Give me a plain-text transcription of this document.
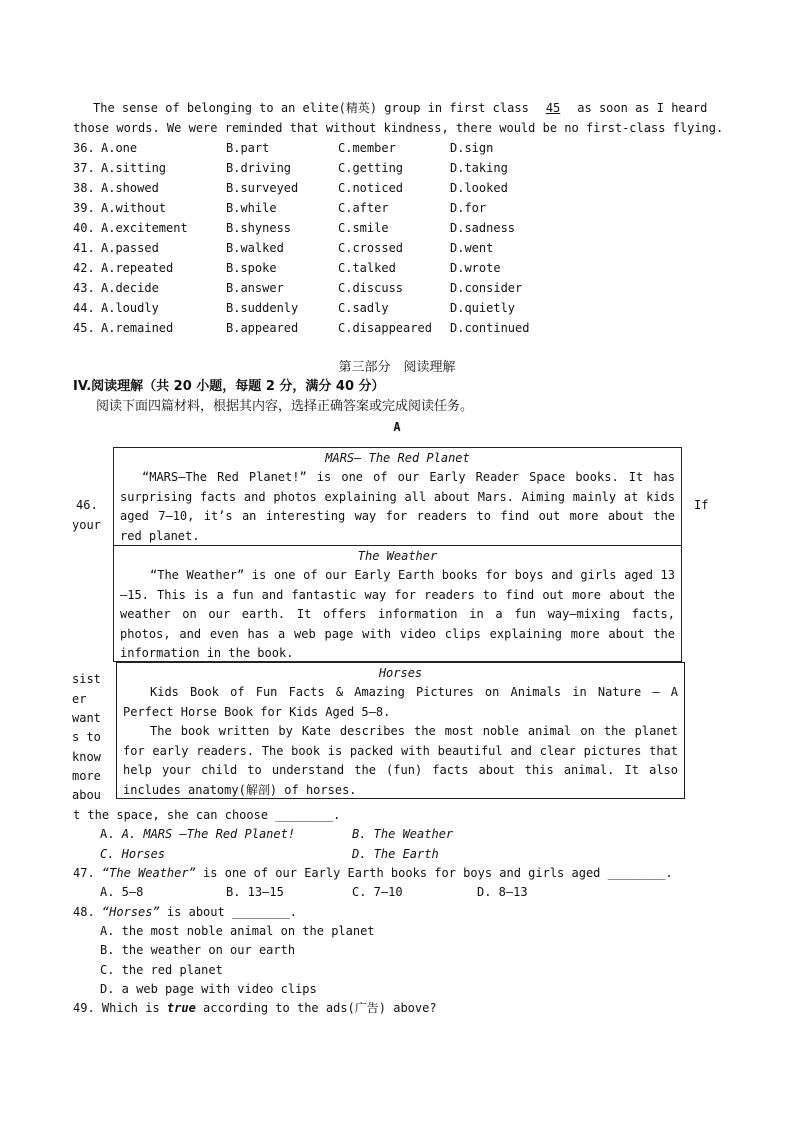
The sense of belonging to an elite(精英) group in first class 45 as soon as I heard
those words. We were reminded that without kindness, there would be no first-class flying.
36. A.one	B.part	C.member	D.sign
37. A.sitting	B.driving	C.getting	D.taking
38. A.showed	B.surveyed	C.noticed	D.looked
39. A.without	B.while	C.after	D.for
40. A.excitement	B.shyness	C.smile	D.sadness
41. A.passed	B.walked	C.crossed	D.went
42. A.repeated	B.spoke	C.talked	D.wrote
43. A.decide	B.answer	C.discuss	D.consider
44. A.loudly	B.suddenly	C.sadly	D.quietly
45. A.remained	B.appeared	C.disappeared D.continued
第三部分　阅读理解
IV.阅读理解（共 20 小题，每题 2 分，满分 40 分）
阅读下面四篇材料，根据其内容，选择正确答案或完成阅读任务。
A
MARS— The Red Planet
“MARS—The Red Planet!” is one of our Early Reader Space books. It has surprising facts and photos explaining all about Mars. Aiming mainly at kids aged 7—10, it’s an interesting way for readers to find out more about the red planet.
The Weather
“The Weather” is one of our Early Earth books for boys and girls aged 13—15. This is a fun and fantastic way for readers to find out more about the weather on our earth. It offers information in a fun way—mixing facts, photos, and even has a web page with video clips explaining more about the information in the book.
Horses
Kids Book of Fun Facts & Amazing Pictures on Animals in Nature — A Perfect Horse Book for Kids Aged 5—8.
The book written by Kate describes the most noble animal on the planet for early readers. The book is packed with beautiful and clear pictures that help your child to understand the (fun) facts about this animal. It also includes anatomy(解剖) of horses.
46.	If
your
sist
er
want
s to
know
more
abou
t the space, she can choose ________.
A. A. MARS —The Red Planet!	B. The Weather
C. Horses	D. The Earth
47. “The Weather” is one of our Early Earth books for boys and girls aged ________.
A. 5—8	B. 13—15	C. 7—10	D. 8—13
48. “Horses” is about ________.
A. the most noble animal on the planet
B. the weather on our earth
C. the red planet
D. a web page with video clips
49. Which is true according to the ads(广告) above?
